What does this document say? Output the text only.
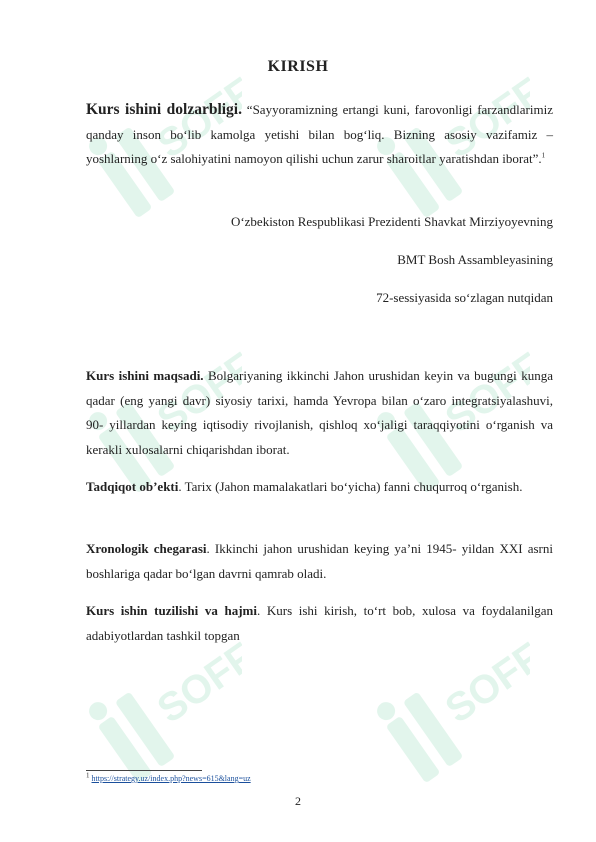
SOFF	SOFF
SOFF	SOFF
SOFF	SOFF
KIRISH
Kurs ishini dolzarbligi. “Sayyoramizning ertangi kuni, farovonligi farzandlarimiz qanday inson bo‘lib kamolga yetishi bilan bog‘liq. Bizning asosiy vazifamiz – yoshlarning o‘z salohiyatini namoyon qilishi uchun zarur sharoitlar yaratishdan iborat”.$^1$
O‘zbekiston Respublikasi Prezidenti Shavkat Mirziyoyevning
BMT Bosh Assambleyasining
72-sessiyasida so‘zlagan nutqidan
Kurs ishini maqsadi. Bolgariyaning ikkinchi Jahon urushidan keyin va bugungi kunga qadar (eng yangi davr) siyosiy tarixi, hamda Yevropa bilan o‘zaro integratsiyalashuvi, 90- yillardan keying iqtisodiy rivojlanish, qishloq xo‘jaligi taraqqiyotini o‘rganish va kerakli xulosalarni chiqarishdan iborat.
Tadqiqot ob’ekti. Tarix (Jahon mamalakatlari bo‘yicha) fanni chuqurroq o‘rganish.
Xronologik chegarasi. Ikkinchi jahon urushidan keying ya’ni 1945- yildan XXI asrni boshlariga qadar bo‘lgan davrni qamrab oladi.
Kurs ishin tuzilishi va hajmi. Kurs ishi kirish, to‘rt bob, xulosa va foydalanilgan adabiyotlardan tashkil topgan
1 https://strategy.uz/index.php?news=615&lang=uz
2
